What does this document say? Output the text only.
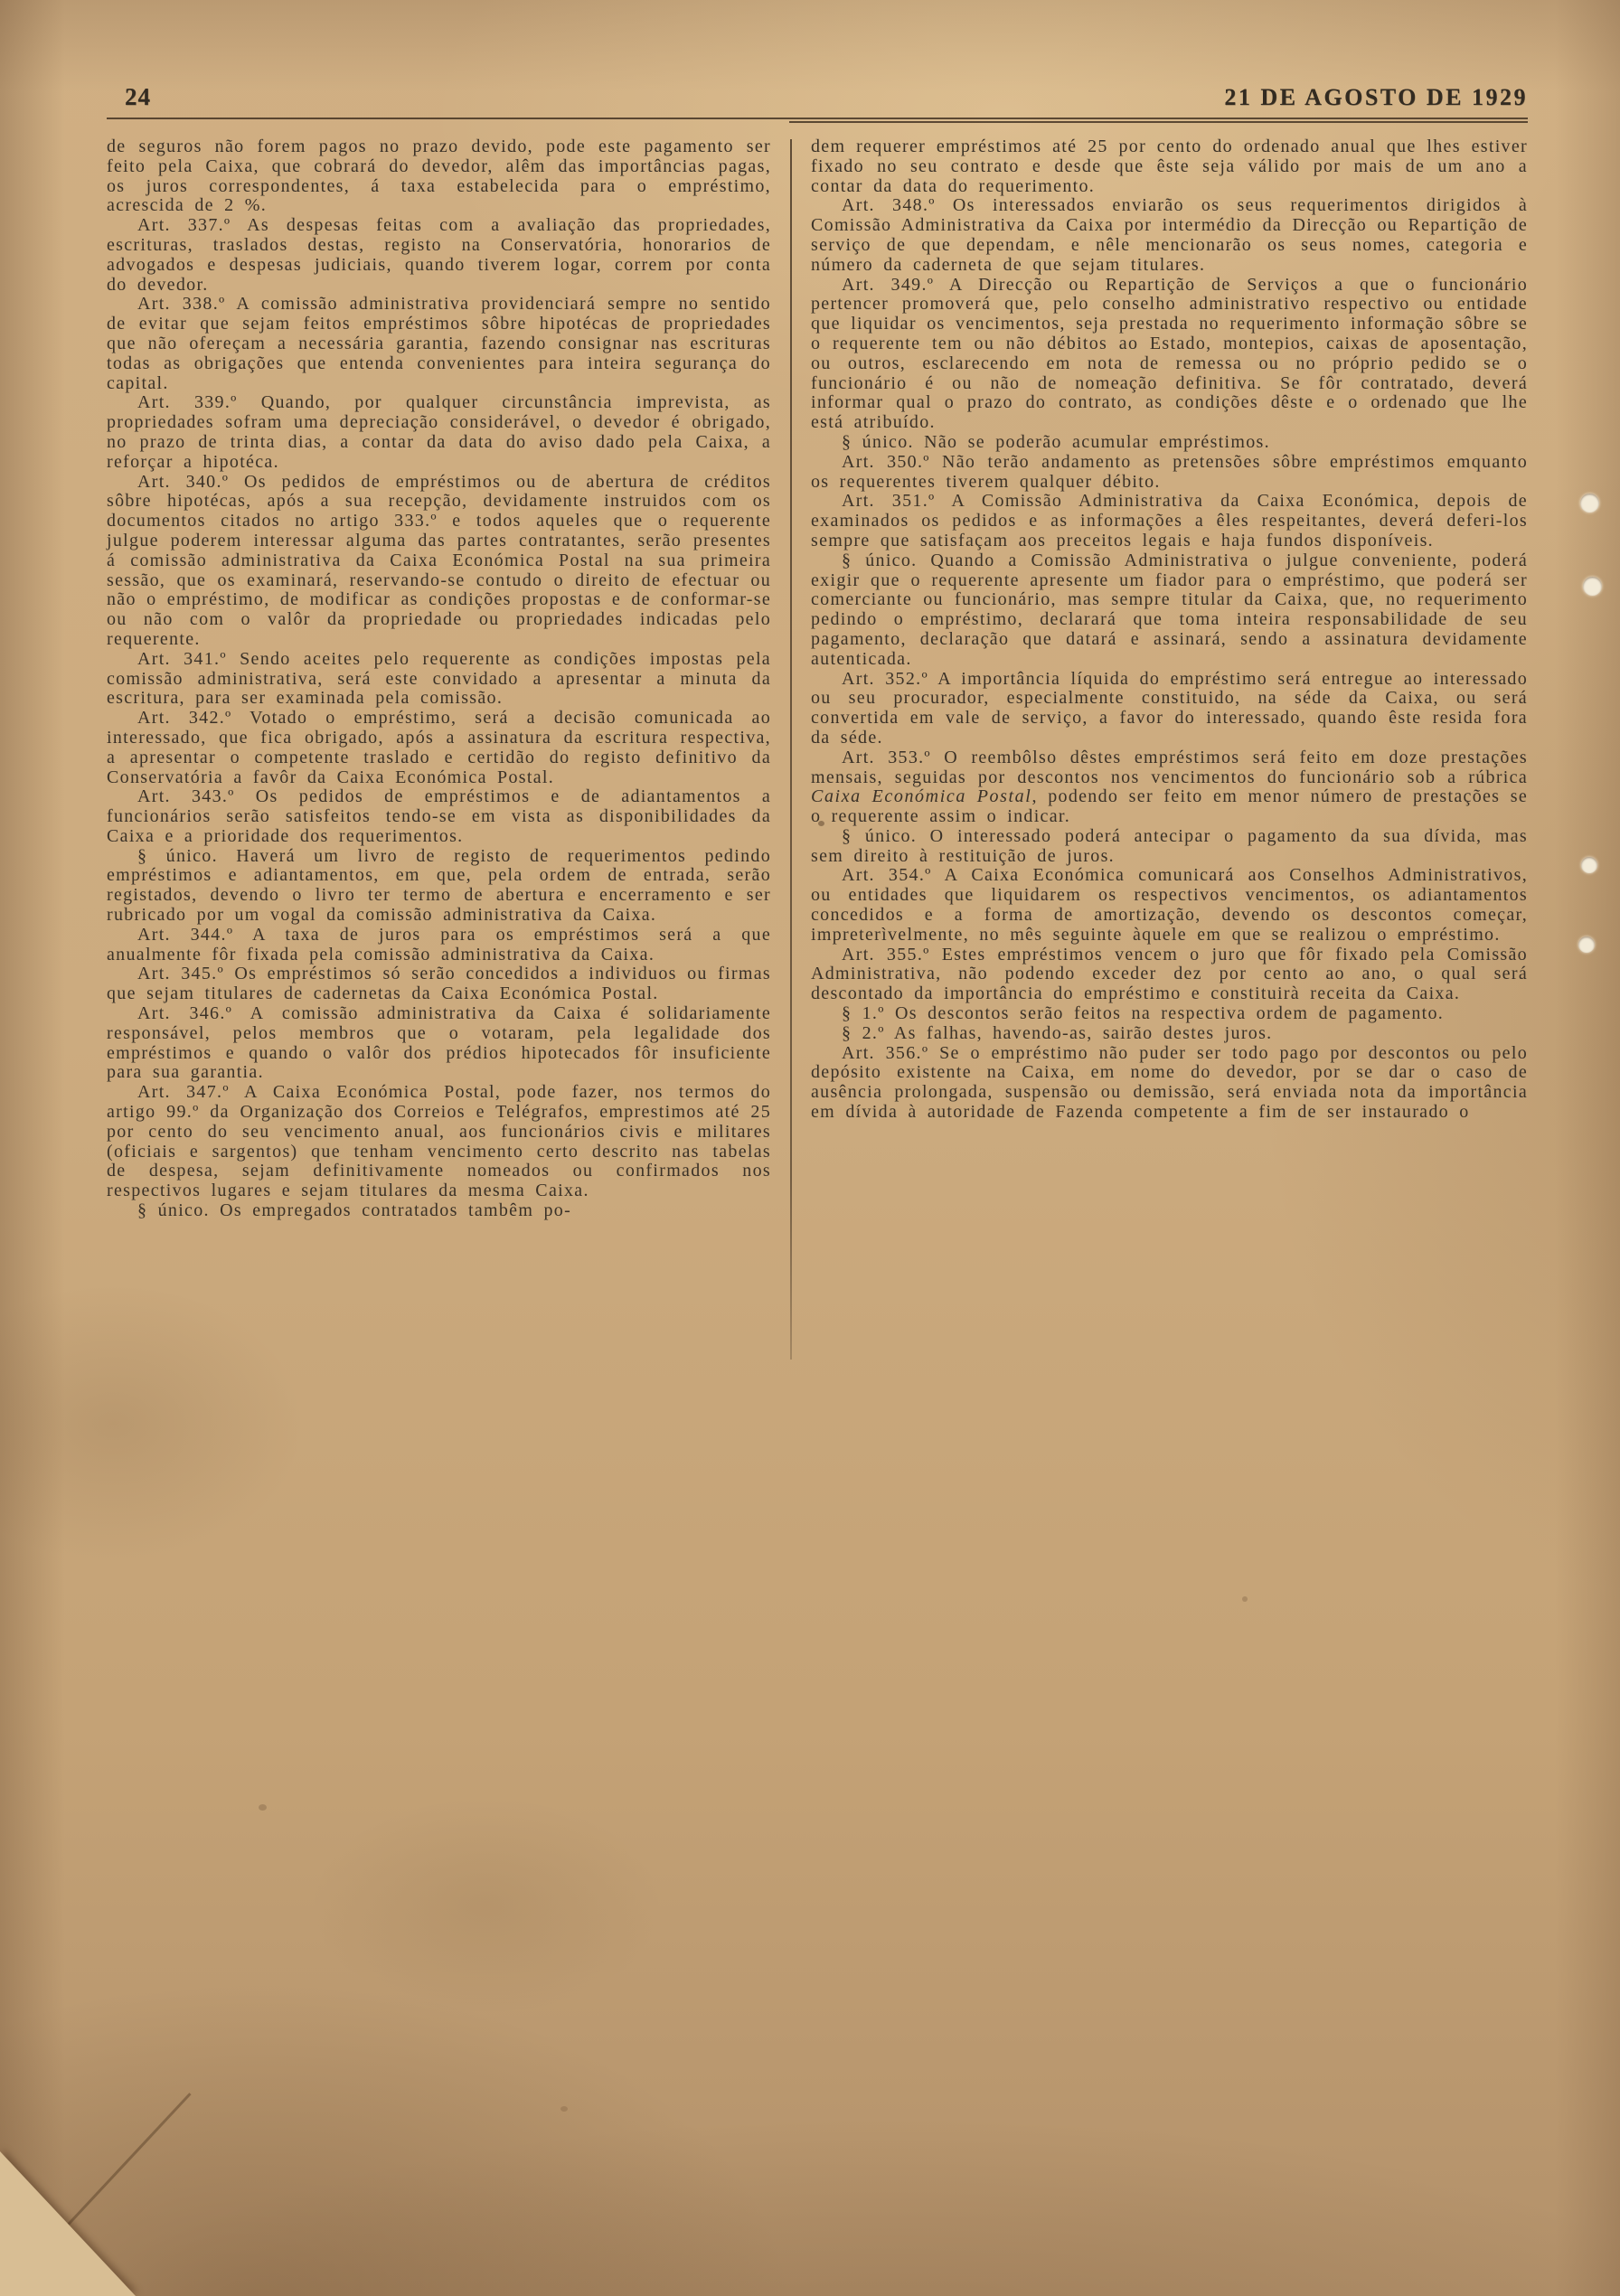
24	21 DE AGOSTO DE 1929

de seguros não forem pagos no prazo devido, pode este pagamento ser feito pela Caixa, que cobrará do devedor, alêm das importâncias pagas, os juros correspondentes, á taxa estabelecida para o empréstimo, acrescida de 2 %.

Art. 337.º As despesas feitas com a avaliação das propriedades, escrituras, traslados destas, registo na Conservatória, honorarios de advogados e despesas judiciais, quando tiverem logar, correm por conta do devedor.

Art. 338.º A comissão administrativa providenciará sempre no sentido de evitar que sejam feitos empréstimos sôbre hipotécas de propriedades que não ofereçam a necessária garantia, fazendo consignar nas escrituras todas as obrigações que entenda convenientes para inteira segurança do capital.

Art. 339.º Quando, por qualquer circunstância imprevista, as propriedades sofram uma depreciação considerável, o devedor é obrigado, no prazo de trinta dias, a contar da data do aviso dado pela Caixa, a reforçar a hipotéca.

Art. 340.º Os pedidos de empréstimos ou de abertura de créditos sôbre hipotécas, após a sua recepção, devidamente instruidos com os documentos citados no artigo 333.º e todos aqueles que o requerente julgue poderem interessar alguma das partes contratantes, serão presentes á comissão administrativa da Caixa Económica Postal na sua primeira sessão, que os examinará, reservando-se contudo o direito de efectuar ou não o empréstimo, de modificar as condições propostas e de conformar-se ou não com o valôr da propriedade ou propriedades indicadas pelo requerente.

Art. 341.º Sendo aceites pelo requerente as condições impostas pela comissão administrativa, será este convidado a apresentar a minuta da escritura, para ser examinada pela comissão.

Art. 342.º Votado o empréstimo, será a decisão comunicada ao interessado, que fica obrigado, após a assinatura da escritura respectiva, a apresentar o competente traslado e certidão do registo definitivo da Conservatória a favôr da Caixa Económica Postal.

Art. 343.º Os pedidos de empréstimos e de adiantamentos a funcionários serão satisfeitos tendo-se em vista as disponibilidades da Caixa e a prioridade dos requerimentos.

§ único. Haverá um livro de registo de requerimentos pedindo empréstimos e adiantamentos, em que, pela ordem de entrada, serão registados, devendo o livro ter termo de abertura e encerramento e ser rubricado por um vogal da comissão administrativa da Caixa.

Art. 344.º A taxa de juros para os empréstimos será a que anualmente fôr fixada pela comissão administrativa da Caixa.

Art. 345.º Os empréstimos só serão concedidos a individuos ou firmas que sejam titulares de cadernetas da Caixa Económica Postal.

Art. 346.º A comissão administrativa da Caixa é solidariamente responsável, pelos membros que o votaram, pela legalidade dos empréstimos e quando o valôr dos prédios hipotecados fôr insuficiente para sua garantia.

Art. 347.º A Caixa Económica Postal, pode fazer, nos termos do artigo 99.º da Organização dos Correios e Telégrafos, emprestimos até 25 por cento do seu vencimento anual, aos funcionários civis e militares (oficiais e sargentos) que tenham vencimento certo descrito nas tabelas de despesa, sejam definitivamente nomeados ou confirmados nos respectivos lugares e sejam titulares da mesma Caixa.

§ único. Os empregados contratados tambêm po-

dem requerer empréstimos até 25 por cento do ordenado anual que lhes estiver fixado no seu contrato e desde que êste seja válido por mais de um ano a contar da data do requerimento.

Art. 348.º Os interessados enviarão os seus requerimentos dirigidos à Comissão Administrativa da Caixa por intermédio da Direcção ou Repartição de serviço de que dependam, e nêle mencionarão os seus nomes, categoria e número da caderneta de que sejam titulares.

Art. 349.º A Direcção ou Repartição de Serviços a que o funcionário pertencer promoverá que, pelo conselho administrativo respectivo ou entidade que liquidar os vencimentos, seja prestada no requerimento informação sôbre se o requerente tem ou não débitos ao Estado, montepios, caixas de aposentação, ou outros, esclarecendo em nota de remessa ou no próprio pedido se o funcionário é ou não de nomeação definitiva. Se fôr contratado, deverá informar qual o prazo do contrato, as condições dêste e o ordenado que lhe está atribuído.

§ único. Não se poderão acumular empréstimos.

Art. 350.º Não terão andamento as pretensões sôbre empréstimos emquanto os requerentes tiverem qualquer débito.

Art. 351.º A Comissão Administrativa da Caixa Económica, depois de examinados os pedidos e as informações a êles respeitantes, deverá deferi-los sempre que satisfaçam aos preceitos legais e haja fundos disponíveis.

§ único. Quando a Comissão Administrativa o julgue conveniente, poderá exigir que o requerente apresente um fiador para o empréstimo, que poderá ser comerciante ou funcionário, mas sempre titular da Caixa, que, no requerimento pedindo o empréstimo, declarará que toma inteira responsabilidade de seu pagamento, declaração que datará e assinará, sendo a assinatura devidamente autenticada.

Art. 352.º A importância líquida do empréstimo será entregue ao interessado ou seu procurador, especialmente constituido, na séde da Caixa, ou será convertida em vale de serviço, a favor do interessado, quando êste resida fora da séde.

Art. 353.º O reembôlso dêstes empréstimos será feito em doze prestações mensais, seguidas por descontos nos vencimentos do funcionário sob a rúbrica Caixa Económica Postal, podendo ser feito em menor número de prestações se o requerente assim o indicar.

§ único. O interessado poderá antecipar o pagamento da sua dívida, mas sem direito à restituição de juros.

Art. 354.º A Caixa Económica comunicará aos Conselhos Administrativos, ou entidades que liquidarem os respectivos vencimentos, os adiantamentos concedidos e a forma de amortização, devendo os descontos começar, impreterìvelmente, no mês seguinte àquele em que se realizou o empréstimo.

Art. 355.º Estes empréstimos vencem o juro que fôr fixado pela Comissão Administrativa, não podendo exceder dez por cento ao ano, o qual será descontado da importância do empréstimo e constituirà receita da Caixa.

§ 1.º Os descontos serão feitos na respectiva ordem de pagamento.

§ 2.º As falhas, havendo-as, sairão destes juros.

Art. 356.º Se o empréstimo não puder ser todo pago por descontos ou pelo depósito existente na Caixa, em nome do devedor, por se dar o caso de ausência prolongada, suspensão ou demissão, será enviada nota da importância em dívida à autoridade de Fazenda competente a fim de ser instaurado o
